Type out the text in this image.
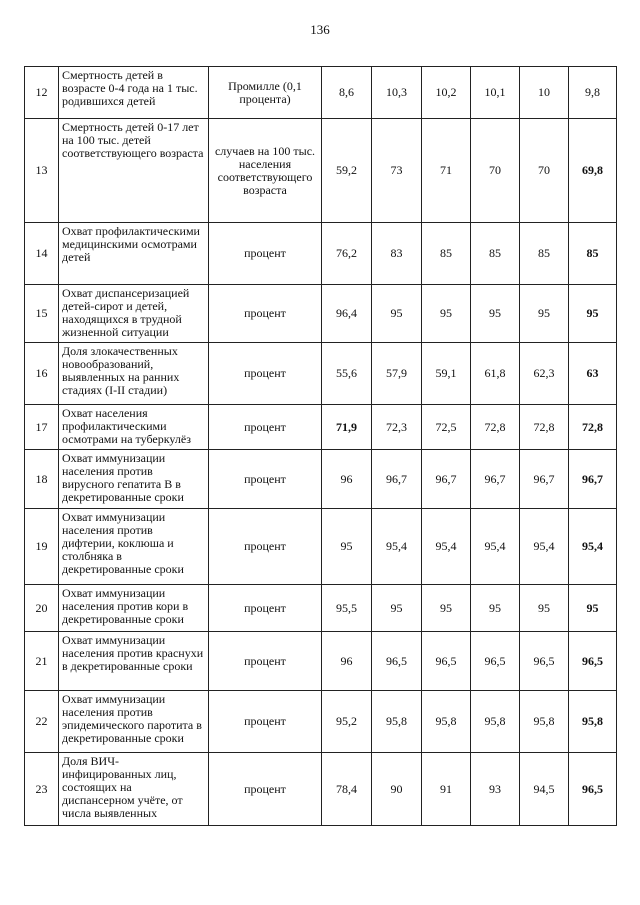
136
12	Смертность детей в возрасте 0-4 года на 1 тыс. родившихся детей	Промилле (0,1 процента)	8,6	10,3	10,2	10,1	10	9,8
13	Смертность детей 0-17 лет на 100 тыс. детей соответствующего возраста	случаев на 100 тыс. населения соответствующего возраста	59,2	73	71	70	70	69,8
14	Охват профилактическими медицинскими осмотрами детей	процент	76,2	83	85	85	85	85
15	Охват диспансеризацией детей-сирот и детей, находящихся в трудной жизненной ситуации	процент	96,4	95	95	95	95	95
16	Доля злокачественных новообразований, выявленных на ранних стадиях (I-II стадии)	процент	55,6	57,9	59,1	61,8	62,3	63
17	Охват населения профилактическими осмотрами на туберкулёз	процент	71,9	72,3	72,5	72,8	72,8	72,8
18	Охват иммунизации населения против вирусного гепатита B в декретированные сроки	процент	96	96,7	96,7	96,7	96,7	96,7
19	Охват иммунизации населения против дифтерии, коклюша и столбняка в декретированные сроки	процент	95	95,4	95,4	95,4	95,4	95,4
20	Охват иммунизации населения против кори в декретированные сроки	процент	95,5	95	95	95	95	95
21	Охват иммунизации населения против краснухи в декретированные сроки	процент	96	96,5	96,5	96,5	96,5	96,5
22	Охват иммунизации населения против эпидемического паротита в декретированные сроки	процент	95,2	95,8	95,8	95,8	95,8	95,8
23	Доля ВИЧ-инфицированных лиц, состоящих на диспансерном учёте, от числа выявленных	процент	78,4	90	91	93	94,5	96,5
